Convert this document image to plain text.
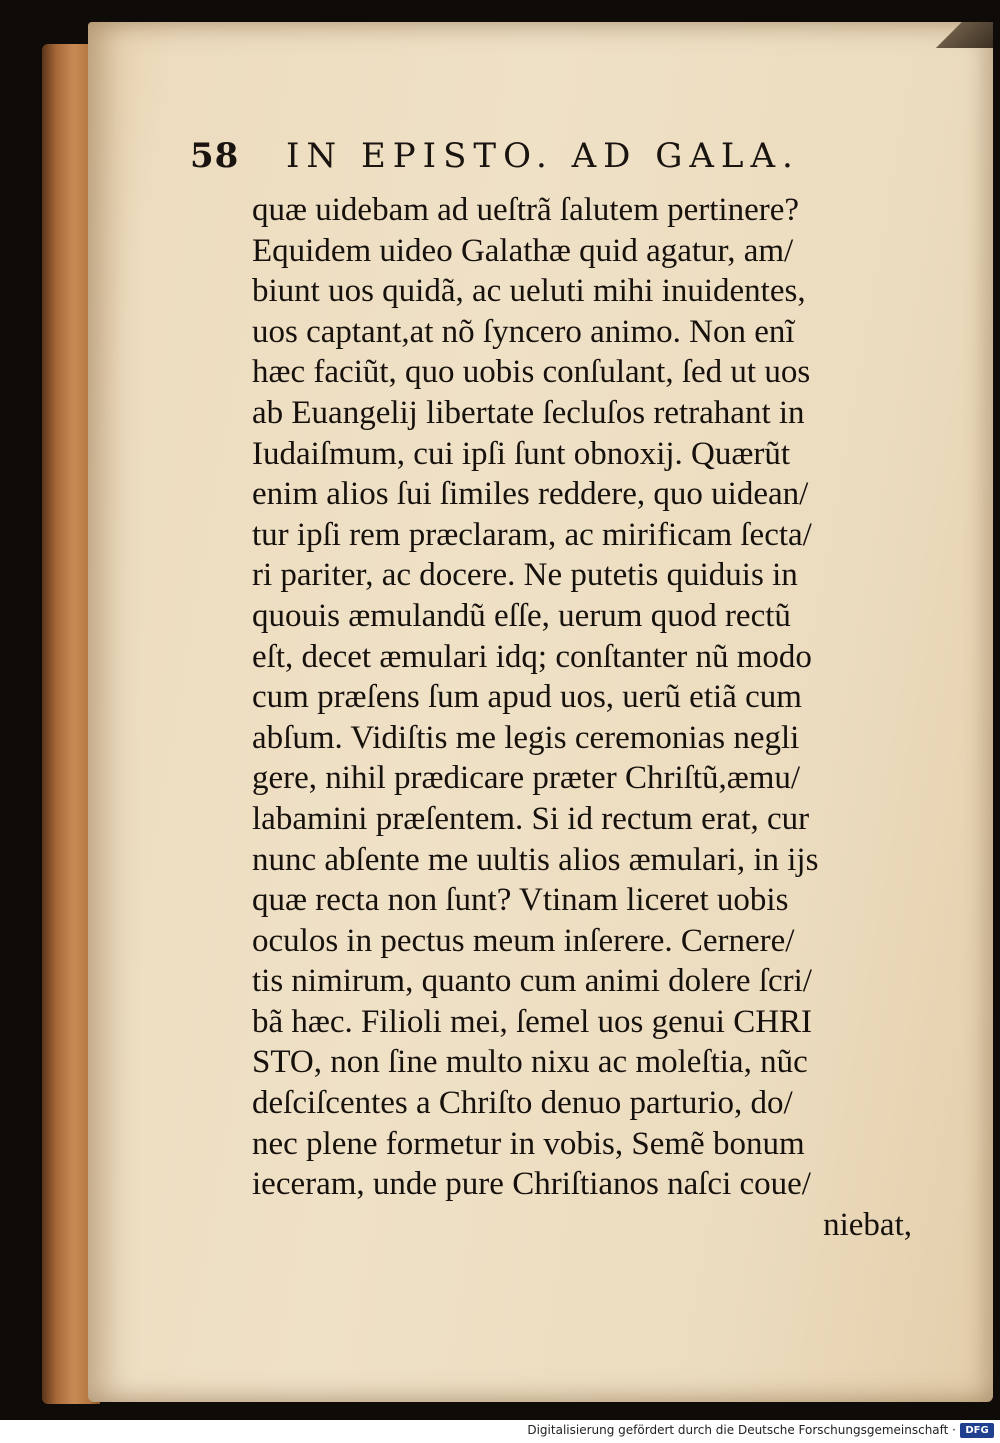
58 IN EPISTO. AD GALA.
quæ uidebam ad ueſtrã ſalutem pertinere?
Equidem uideo Galathæ quid agatur, am/
biunt uos quidã, ac ueluti mihi inuidentes,
uos captant,at nõ ſyncero animo. Non enĩ
hæc faciũt, quo uobis conſulant, ſed ut uos
ab Euangelij libertate ſecluſos retrahant in
Iudaiſmum, cui ipſi ſunt obnoxij. Quærũt
enim alios ſui ſimiles reddere, quo uidean/
tur ipſi rem præclaram, ac mirificam ſecta/
ri pariter, ac docere. Ne putetis quiduis in
quouis æmulandũ eſſe, uerum quod rectũ
eſt, decet æmulari idq; conſtanter nũ modo
cum præſens ſum apud uos, uerũ etiã cum
abſum. Vidiſtis me legis ceremonias negli
gere, nihil prædicare præter Chriſtũ,æmu/
labamini præſentem. Si id rectum erat, cur
nunc abſente me uultis alios æmulari, in ijs
quæ recta non ſunt? Vtinam liceret uobis
oculos in pectus meum inſerere. Cernere/
tis nimirum, quanto cum animi dolere ſcri/
bã hæc. Filioli mei, ſemel uos genui CHRI
STO, non ſine multo nixu ac moleſtia, nũc
deſciſcentes a Chriſto denuo parturio, do/
nec plene formetur in vobis, Semẽ bonum
ieceram, unde pure Chriſtianos naſci coue/
niebat,
Digitalisierung gefördert durch die Deutsche Forschungsgemeinschaft · DFG
